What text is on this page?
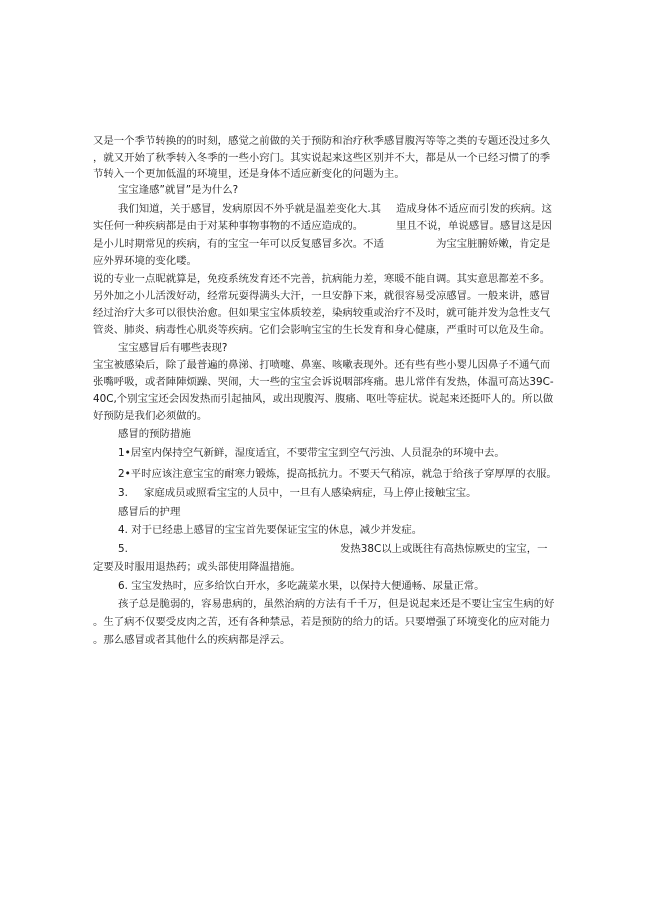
又是一个季节转换的的时刻，感觉之前做的关于预防和治疗秋季感冒腹泻等等之类的专题还没过多久
，就又开始了秋季转入冬季的一些小窍门。其实说起来这些区别并不大，都是从一个已经习惯了的季
节转入一个更加低温的环境里，还是身体不适应新变化的问题为主。
宝宝逢感”就冒”是为什么?
我们知道，关于感冒，发病原因不外乎就是温差变化大.其 造成身体不适应而引发的疾病。这
实任何一种疾病都是由于对某种事物事物的不适应造成的。	里且不说，单说感冒。感冒这是因
是小儿时期常见的疾病，有的宝宝一年可以反复感冒多次。不适	为宝宝脏腑娇嫩，肯定是
应外界环境的变化喽。
说的专业一点昵就算是，免疫系统发育还不完善，抗病能力差，寒暖不能自调。其实意思都差不多。
另外加之小儿活泼好动，经常玩耍得满头大汗，一旦安静下来，就很容易受凉感冒。一般来讲，感冒
经过治疗大多可以很快治愈。但如果宝宝体质较差，染病较重或治疗不及时，就可能并发为急性支气
管炎、肺炎、病毒性心肌炎等疾病。它们会影响宝宝的生长发育和身心健康，严重时可以危及生命。
宝宝感冒后有哪些表现?
宝宝被感染后，除了最普遍的鼻涕、打喷嚏、鼻塞、咳嗽表现外。还有些有些小婴儿因鼻子不通气而
张嘴呼吸，或者陣陣烦躁、哭闹，大一些的宝宝会诉说咽部疼痛。患儿常伴有发热，体温可高达39C-
40C,个别宝宝还会因发热而引起抽风，或出现腹泻、腹痛、呕吐等症状。说起来还挺吓人的。所以做
好预防是我们必须做的。
感冒的预防措施
1•居室内保持空气新鲜，湿度适宜，不要带宝宝到空气污浊、人员混杂的环境中去。
2•平时应该注意宝宝的耐寒力锻炼，提高抵抗力。不要天气稍凉，就急于给孩子穿厚厚的衣服。
3. 家庭成员或照看宝宝的人员中，一旦有人感染病症，马上停止接触宝宝。
感冒后的护理
4. 对于已经患上感冒的宝宝首先要保证宝宝的休息，减少并发症。
5.	发热38C以上或既往有高热惊厥史的宝宝，一
定要及时服用退热药；或头部使用降温措施。
6. 宝宝发热时，应多给饮白开水，多吃蔬菜水果，以保持大便通畅、尿量正常。
孩子总是脆弱的，容易患病的，虽然治病的方法有千千万，但是说起来还是不要让宝宝生病的好
。生了病不仅要受皮肉之苦，还有各种禁忌，若是预防的给力的话。只要增强了环境变化的应对能力
。那么感冒或者其他什么的疾病都是浮云。
